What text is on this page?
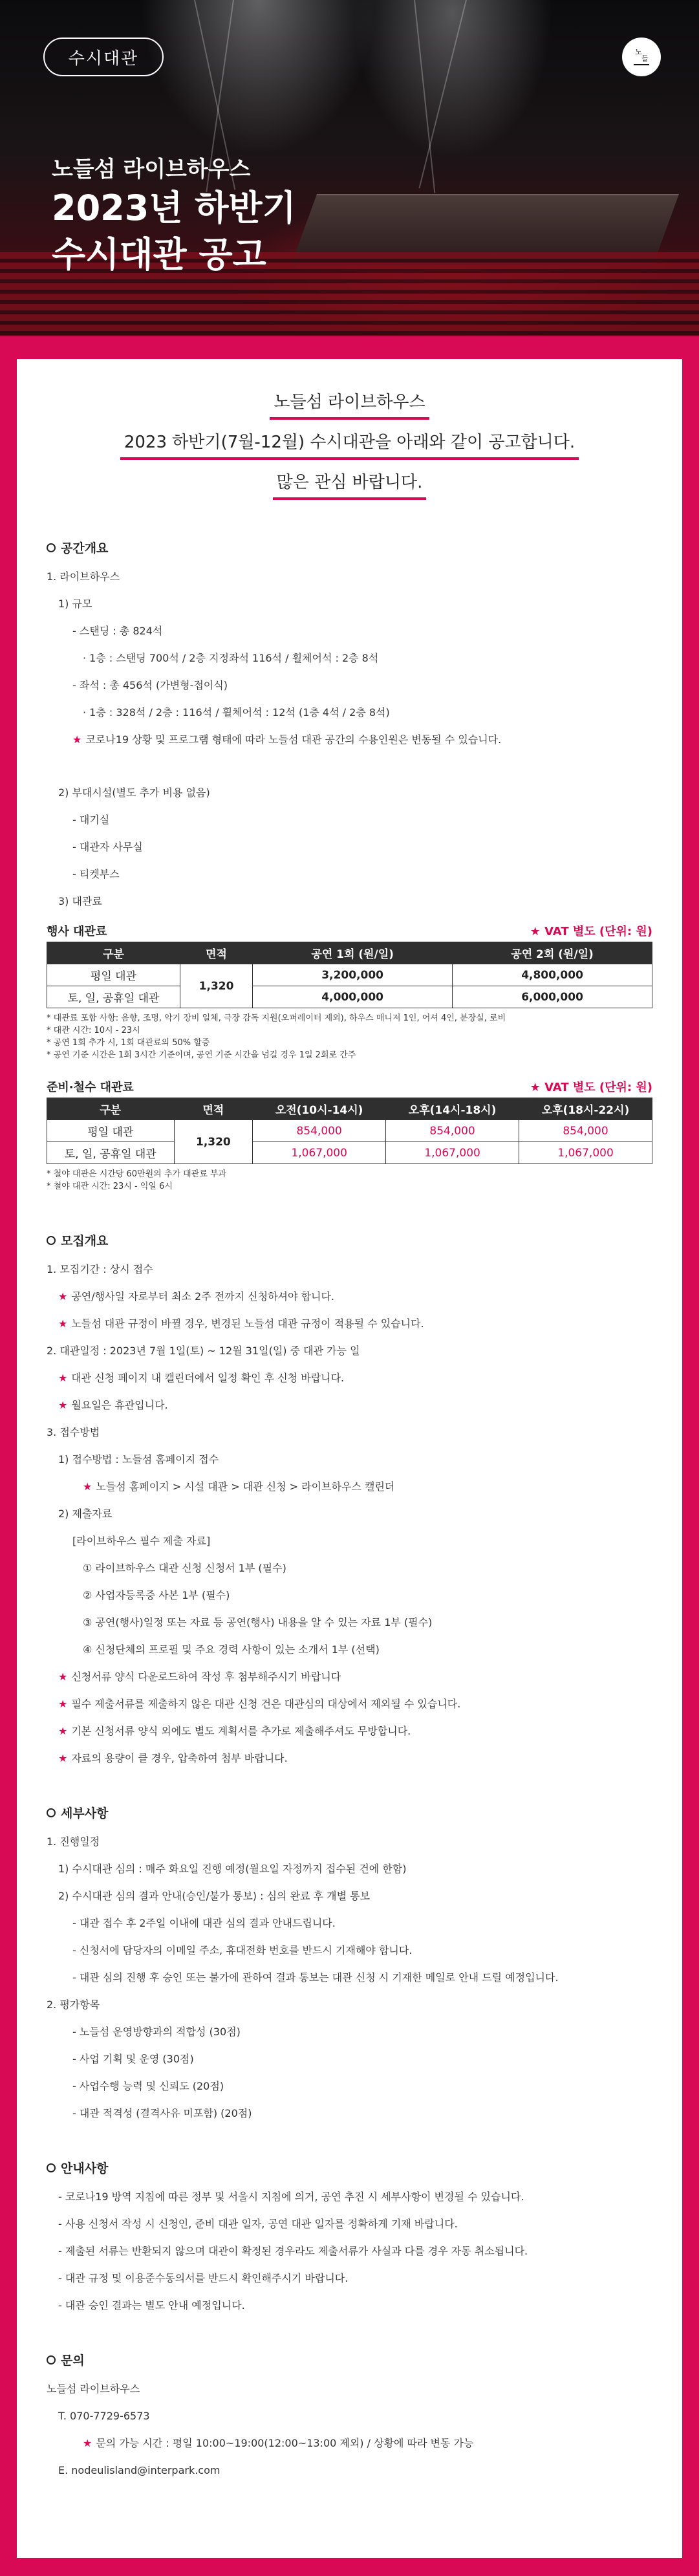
수시대관	노
들
노들섬 라이브하우스
2023년 하반기
수시대관 공고
노들섬 라이브하우스
2023 하반기(7월-12월) 수시대관을 아래와 같이 공고합니다.
많은 관심 바랍니다.
공간개요
1. 라이브하우스
1) 규모
- 스탠딩 : 총 824석
· 1층 : 스탠딩 700석 / 2층 지정좌석 116석 / 휠체어석 : 2층 8석
- 좌석 : 총 456석 (가변형-접이식)
· 1층 : 328석 / 2층 : 116석 / 휠체어석 : 12석 (1층 4석 / 2층 8석)
★ 코로나19 상황 및 프로그램 형태에 따라 노들섬 대관 공간의 수용인원은 변동될 수 있습니다.
2) 부대시설(별도 추가 비용 없음)
- 대기실
- 대관자 사무실
- 티켓부스
3) 대관료
행사 대관료	★ VAT 별도 (단위: 원)
구분	면적	공연 1회 (원/일)	공연 2회 (원/일)
평일 대관	1,320	3,200,000	4,800,000
토, 일, 공휴일 대관		4,000,000	6,000,000
* 대관료 포함 사항: 음향, 조명, 악기 장비 일체, 극장 감독 지원(오퍼레이터 제외), 하우스 매니저 1인, 어셔 4인, 분장실, 로비
* 대관 시간: 10시 - 23시
* 공연 1회 추가 시, 1회 대관료의 50% 할증
* 공연 기준 시간은 1회 3시간 기준이며, 공연 기준 시간을 넘길 경우 1일 2회로 간주
준비·철수 대관료	★ VAT 별도 (단위: 원)
구분	면적	오전(10시-14시)	오후(14시-18시)	오후(18시-22시)
평일 대관	1,320	854,000	854,000	854,000
토, 일, 공휴일 대관		1,067,000	1,067,000	1,067,000
* 철야 대관은 시간당 60만원의 추가 대관료 부과
* 철야 대관 시간: 23시 - 익일 6시
모집개요
1. 모집기간 : 상시 접수
★ 공연/행사일 자로부터 최소 2주 전까지 신청하셔야 합니다.
★ 노들섬 대관 규정이 바뀔 경우, 변경된 노들섬 대관 규정이 적용될 수 있습니다.
2. 대관일정 : 2023년 7월 1일(토) ~ 12월 31일(일) 중 대관 가능 일
★ 대관 신청 페이지 내 캘린더에서 일정 확인 후 신청 바랍니다.
★ 월요일은 휴관입니다.
3. 접수방법
1) 접수방법 : 노들섬 홈페이지 접수
★ 노들섬 홈페이지 > 시설 대관 > 대관 신청 > 라이브하우스 캘린더
2) 제출자료
[라이브하우스 필수 제출 자료]
① 라이브하우스 대관 신청 신청서 1부 (필수)
② 사업자등록증 사본 1부 (필수)
③ 공연(행사)일정 또는 자료 등 공연(행사) 내용을 알 수 있는 자료 1부 (필수)
④ 신청단체의 프로필 및 주요 경력 사항이 있는 소개서 1부 (선택)
★ 신청서류 양식 다운로드하여 작성 후 첨부해주시기 바랍니다
★ 필수 제출서류를 제출하지 않은 대관 신청 건은 대관심의 대상에서 제외될 수 있습니다.
★ 기본 신청서류 양식 외에도 별도 계획서를 추가로 제출해주셔도 무방합니다.
★ 자료의 용량이 클 경우, 압축하여 첨부 바랍니다.
세부사항
1. 진행일정
1) 수시대관 심의 : 매주 화요일 진행 예정(월요일 자정까지 접수된 건에 한함)
2) 수시대관 심의 결과 안내(승인/불가 통보) : 심의 완료 후 개별 통보
- 대관 접수 후 2주일 이내에 대관 심의 결과 안내드립니다.
- 신청서에 담당자의 이메일 주소, 휴대전화 번호를 반드시 기재해야 합니다.
- 대관 심의 진행 후 승인 또는 불가에 관하여 결과 통보는 대관 신청 시 기재한 메일로 안내 드릴 예정입니다.
2. 평가항목
- 노들섬 운영방향과의 적합성 (30점)
- 사업 기획 및 운영 (30점)
- 사업수행 능력 및 신뢰도 (20점)
- 대관 적격성 (결격사유 미포함) (20점)
안내사항
- 코로나19 방역 지침에 따른 정부 및 서울시 지침에 의거, 공연 추진 시 세부사항이 변경될 수 있습니다.
- 사용 신청서 작성 시 신청인, 준비 대관 일자, 공연 대관 일자를 정확하게 기재 바랍니다.
- 제출된 서류는 반환되지 않으며 대관이 확정된 경우라도 제출서류가 사실과 다를 경우 자동 취소됩니다.
- 대관 규정 및 이용준수동의서를 반드시 확인해주시기 바랍니다.
- 대관 승인 결과는 별도 안내 예정입니다.
문의
노들섬 라이브하우스
T. 070-7729-6573
★ 문의 가능 시간 : 평일 10:00~19:00(12:00~13:00 제외) / 상황에 따라 변동 가능
E. nodeulisland@interpark.com
